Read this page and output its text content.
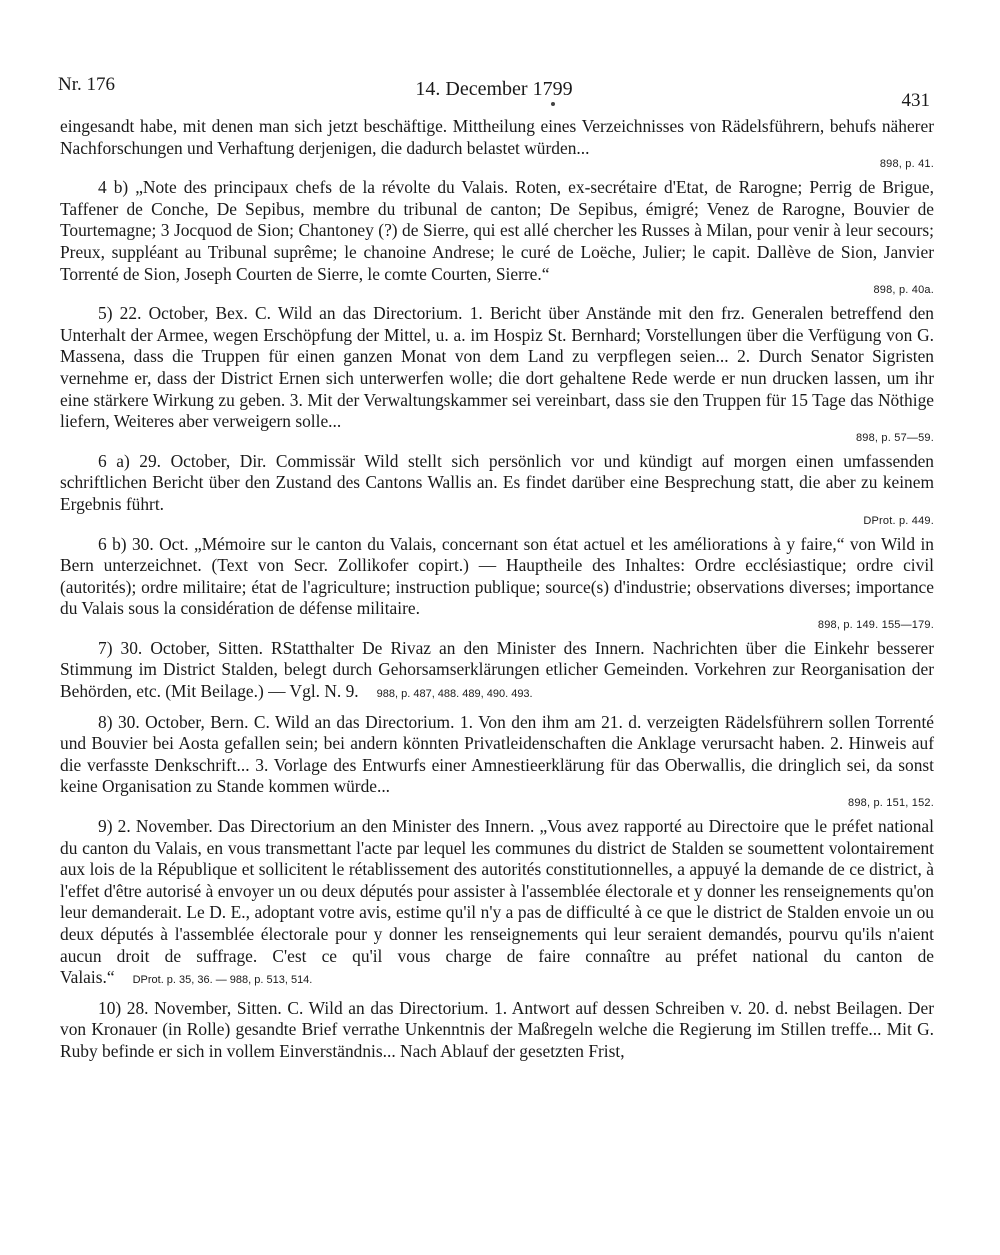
Nr. 176	14. December 1799
431

eingesandt habe, mit denen man sich jetzt beschäftige. Mittheilung eines Verzeichnisses von Rädelsführern, behufs näherer Nachforschungen und Verhaftung derjenigen, die dadurch belastet würden...
898, p. 41.

4 b) „Note des principaux chefs de la révolte du Valais. Roten, ex-secrétaire d'Etat, de Rarogne; Perrig de Brigue, Taffener de Conche, De Sepibus, membre du tribunal de canton; De Sepibus, émigré; Venez de Rarogne, Bouvier de Tourtemagne; 3 Jocquod de Sion; Chantoney (?) de Sierre, qui est allé chercher les Russes à Milan, pour venir à leur secours; Preux, suppléant au Tribunal suprême; le chanoine Andrese; le curé de Loëche, Julier; le capit. Dallève de Sion, Janvier Torrenté de Sion, Joseph Courten de Sierre, le comte Courten, Sierre.“
898, p. 40a.

5) 22. October, Bex. C. Wild an das Directorium. 1. Bericht über Anstände mit den frz. Generalen betreffend den Unterhalt der Armee, wegen Erschöpfung der Mittel, u. a. im Hospiz St. Bernhard; Vorstellungen über die Verfügung von G. Massena, dass die Truppen für einen ganzen Monat von dem Land zu verpflegen seien... 2. Durch Senator Sigristen vernehme er, dass der District Ernen sich unterwerfen wolle; die dort gehaltene Rede werde er nun drucken lassen, um ihr eine stärkere Wirkung zu geben. 3. Mit der Verwaltungskammer sei vereinbart, dass sie den Truppen für 15 Tage das Nöthige liefern, Weiteres aber verweigern solle...
898, p. 57—59.

6 a) 29. October, Dir. Commissär Wild stellt sich persönlich vor und kündigt auf morgen einen umfassenden schriftlichen Bericht über den Zustand des Cantons Wallis an. Es findet darüber eine Besprechung statt, die aber zu keinem Ergebnis führt.
DProt. p. 449.

6 b) 30. Oct. „Mémoire sur le canton du Valais, concernant son état actuel et les améliorations à y faire,“ von Wild in Bern unterzeichnet. (Text von Secr. Zollikofer copirt.) — Hauptheile des Inhaltes: Ordre ecclésiastique; ordre civil (autorités); ordre militaire; état de l'agriculture; instruction publique; source(s) d'industrie; observations diverses; importance du Valais sous la considération de défense militaire.
898, p. 149. 155—179.

7) 30. October, Sitten. RStatthalter De Rivaz an den Minister des Innern. Nachrichten über die Einkehr besserer Stimmung im District Stalden, belegt durch Gehorsamserklärungen etlicher Gemeinden. Vorkehren zur Reorganisation der Behörden, etc. (Mit Beilage.) — Vgl. N. 9. 988, p. 487, 488. 489, 490. 493.

8) 30. October, Bern. C. Wild an das Directorium. 1. Von den ihm am 21. d. verzeigten Rädelsführern sollen Torrenté und Bouvier bei Aosta gefallen sein; bei andern könnten Privatleidenschaften die Anklage verursacht haben. 2. Hinweis auf die verfasste Denkschrift... 3. Vorlage des Entwurfs einer Amnestieerklärung für das Oberwallis, die dringlich sei, da sonst keine Organisation zu Stande kommen würde...
898, p. 151, 152.

9) 2. November. Das Directorium an den Minister des Innern. „Vous avez rapporté au Directoire que le préfet national du canton du Valais, en vous transmettant l'acte par lequel les communes du district de Stalden se soumettent volontairement aux lois de la République et sollicitent le rétablissement des autorités constitutionnelles, a appuyé la demande de ce district, à l'effet d'être autorisé à envoyer un ou deux députés pour assister à l'assemblée électorale et y donner les renseignements qu'on leur demanderait. Le D. E., adoptant votre avis, estime qu'il n'y a pas de difficulté à ce que le district de Stalden envoie un ou deux députés à l'assemblée électorale pour y donner les renseignements qui leur seraient demandés, pourvu qu'ils n'aient aucun droit de suffrage. C'est ce qu'il vous charge de faire connaître au préfet national du canton de Valais.“ DProt. p. 35, 36. — 988, p. 513, 514.

10) 28. November, Sitten. C. Wild an das Directorium. 1. Antwort auf dessen Schreiben v. 20. d. nebst Beilagen. Der von Kronauer (in Rolle) gesandte Brief verrathe Unkenntnis der Maßregeln welche die Regierung im Stillen treffe... Mit G. Ruby befinde er sich in vollem Einverständnis... Nach Ablauf der gesetzten Frist,
